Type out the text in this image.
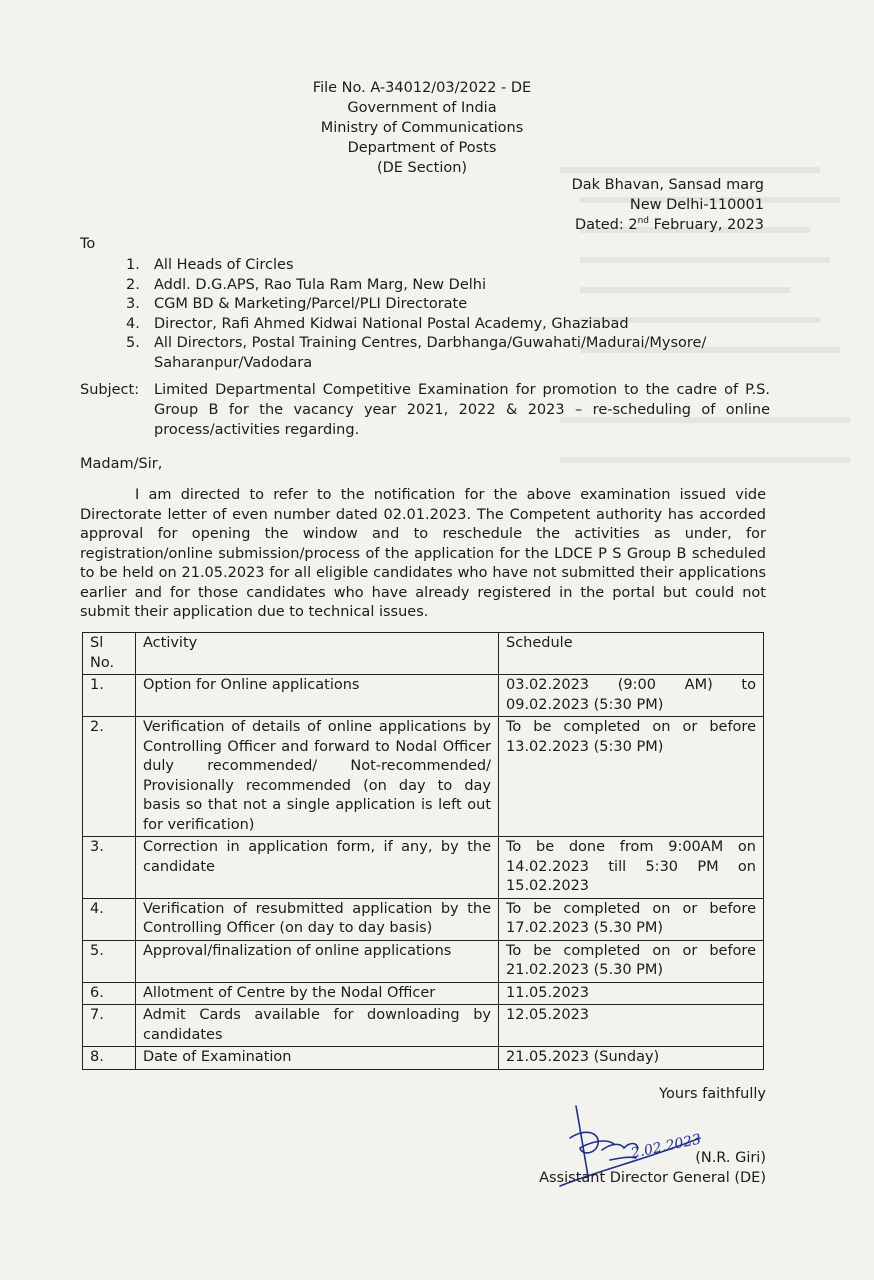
File No. A-34012/03/2022 - DE
Government of India
Ministry of Communications
Department of Posts
(DE Section)
Dak Bhavan, Sansad marg
New Delhi-110001
Dated: 2nd February, 2023
To
1. All Heads of Circles
2. Addl. D.G.APS, Rao Tula Ram Marg, New Delhi
3. CGM BD & Marketing/Parcel/PLI Directorate
4. Director, Rafi Ahmed Kidwai National Postal Academy, Ghaziabad
5. All Directors, Postal Training Centres, Darbhanga/Guwahati/Madurai/Mysore/ Saharanpur/Vadodara
Subject:	Limited Departmental Competitive Examination for promotion to the cadre of P.S. Group B for the vacancy year 2021, 2022 & 2023 – re-scheduling of online process/activities regarding.
Madam/Sir,

I am directed to refer to the notification for the above examination issued vide Directorate letter of even number dated 02.01.2023. The Competent authority has accorded approval for opening the window and to reschedule the activities as under, for registration/online submission/process of the application for the LDCE P S Group B scheduled to be held on 21.05.2023 for all eligible candidates who have not submitted their applications earlier and for those candidates who have already registered in the portal but could not submit their application due to technical issues.

Sl No.	Activity	Schedule
1.	Option for Online applications	03.02.2023 (9:00 AM) to 09.02.2023 (5:30 PM)
2.	Verification of details of online applications by Controlling Officer and forward to Nodal Officer duly recommended/ Not-recommended/ Provisionally recommended (on day to day basis so that not a single application is left out for verification)	To be completed on or before 13.02.2023 (5:30 PM)
3.	Correction in application form, if any, by the candidate	To be done from 9:00AM on 14.02.2023 till 5:30 PM on 15.02.2023
4.	Verification of resubmitted application by the Controlling Officer (on day to day basis)	To be completed on or before 17.02.2023 (5.30 PM)
5.	Approval/finalization of online applications	To be completed on or before 21.02.2023 (5.30 PM)
6.	Allotment of Centre by the Nodal Officer	11.05.2023
7.	Admit Cards available for downloading by candidates	12.05.2023
8.	Date of Examination	21.05.2023 (Sunday)
Yours faithfully
2.02.2023
(N.R. Giri)
Assistant Director General (DE)
